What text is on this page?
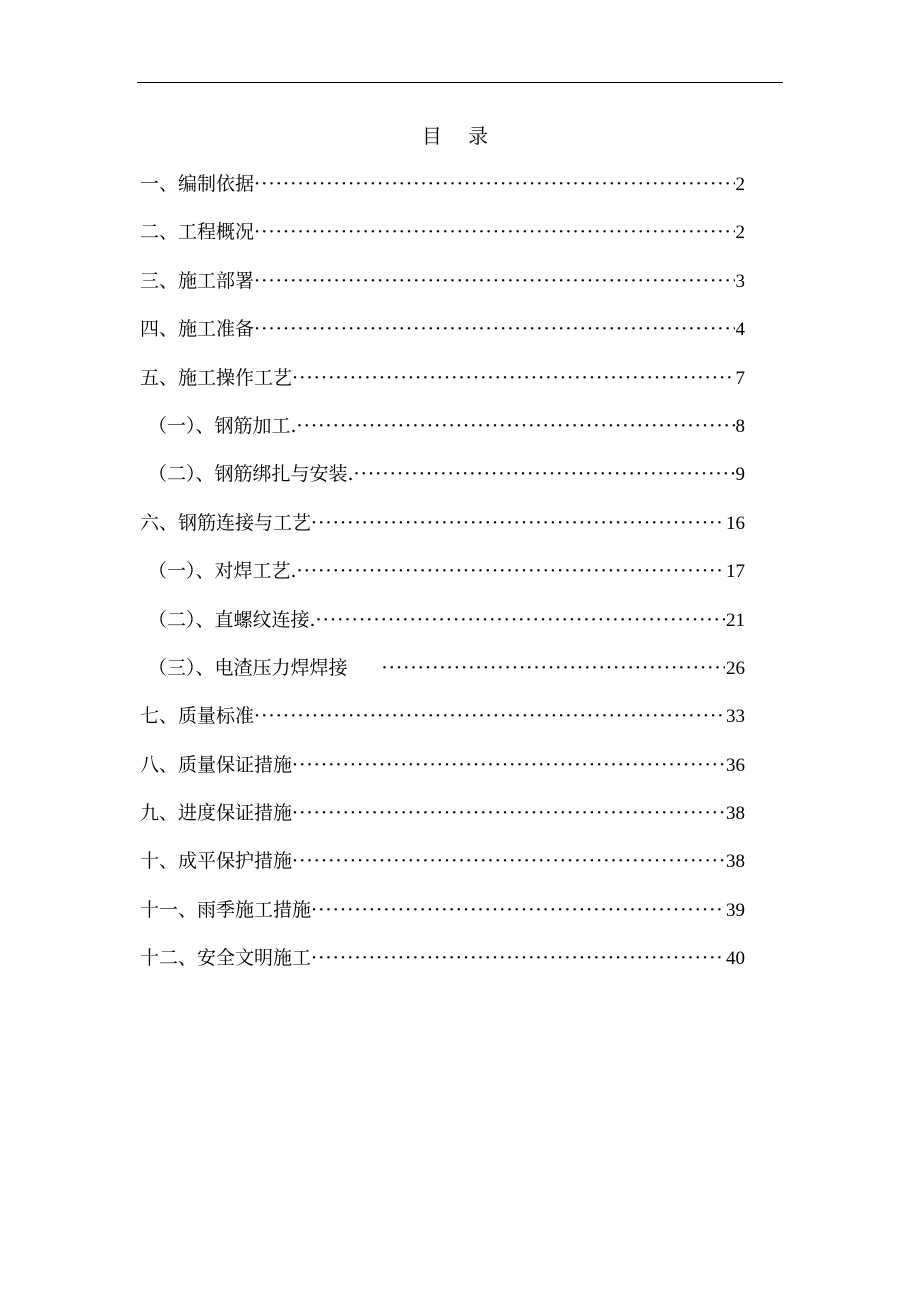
目 录
一、编制依据 ·····	2
二、工程概况 ·····	2
三、施工部署 ·····	3
四、施工准备 ·····	4
五、施工操作工艺 ·····	7
（一）、钢筋加工. ·····	8
（二）、钢筋绑扎与安装. ·····	9
六、钢筋连接与工艺 ·····	16
（一）、对焊工艺. ·····	17
（二）、直螺纹连接. ·····	21
（三）、电渣压力焊焊接 ·····	26
七、质量标准 ·····	33
八、质量保证措施 ·····	36
九、进度保证措施 ·····	38
十、成平保护措施 ·····	38
十一、雨季施工措施 ·····	39
十二、安全文明施工 ·····	40
